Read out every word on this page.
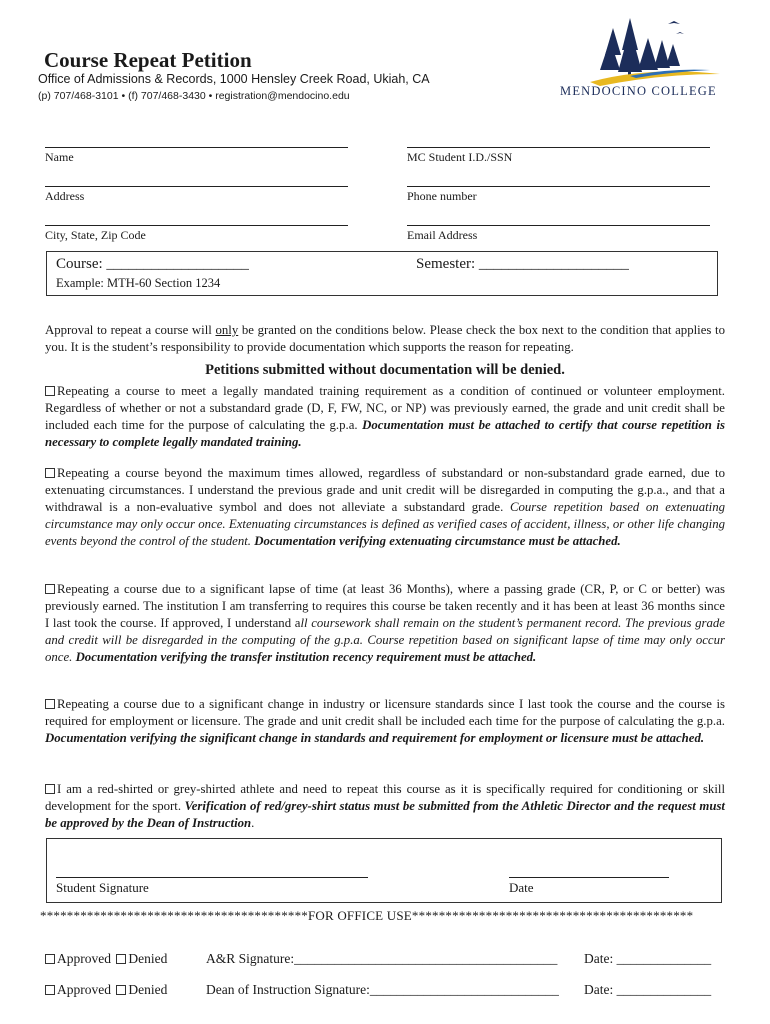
Course Repeat Petition
Office of Admissions & Records, 1000 Hensley Creek Road, Ukiah, CA
(p) 707/468-3101 • (f) 707/468-3430 • registration@mendocino.edu	MENDOCINO COLLEGE
Name	MC Student I.D./SSN
Address	Phone number
City, State, Zip Code	Email Address
Course: ___________________	Semester: ____________________
Example: MTH-60 Section 1234
Approval to repeat a course will only be granted on the conditions below. Please check the box next to the condition that applies to you. It is the student’s responsibility to provide documentation which supports the reason for repeating.
Petitions submitted without documentation will be denied.
Repeating a course to meet a legally mandated training requirement as a condition of continued or volunteer employment. Regardless of whether or not a substandard grade (D, F, FW, NC, or NP) was previously earned, the grade and unit credit shall be included each time for the purpose of calculating the g.p.a. Documentation must be attached to certify that course repetition is necessary to complete legally mandated training.
Repeating a course beyond the maximum times allowed, regardless of substandard or non-substandard grade earned, due to extenuating circumstances. I understand the previous grade and unit credit will be disregarded in computing the g.p.a., and that a withdrawal is a non-evaluative symbol and does not alleviate a substandard grade. Course repetition based on extenuating circumstance may only occur once. Extenuating circumstances is defined as verified cases of accident, illness, or other life changing events beyond the control of the student. Documentation verifying extenuating circumstance must be attached.
Repeating a course due to a significant lapse of time (at least 36 Months), where a passing grade (CR, P, or C or better) was previously earned. The institution I am transferring to requires this course be taken recently and it has been at least 36 months since I last took the course. If approved, I understand all coursework shall remain on the student’s permanent record. The previous grade and credit will be disregarded in the computing of the g.p.a. Course repetition based on significant lapse of time may only occur once. Documentation verifying the transfer institution recency requirement must be attached.
Repeating a course due to a significant change in industry or licensure standards since I last took the course and the course is required for employment or licensure. The grade and unit credit shall be included each time for the purpose of calculating the g.p.a. Documentation verifying the significant change in standards and requirement for employment or licensure must be attached.
I am a red-shirted or grey-shirted athlete and need to repeat this course as it is specifically required for conditioning or skill development for the sport. Verification of red/grey-shirt status must be submitted from the Athletic Director and the request must be approved by the Dean of Instruction.
Student Signature	Date
****************************************FOR OFFICE USE******************************************
Approved Denied	A&R Signature:_______________________________________ Date: ______________
Approved Denied	Dean of Instruction Signature:____________________________ Date: ______________
